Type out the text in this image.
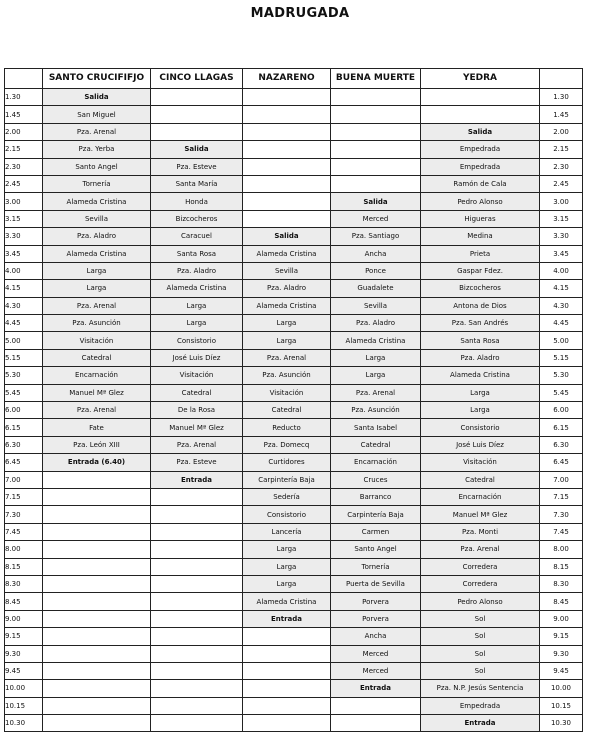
MADRUGADA
	SANTO CRUCIFIFJO	CINCO LLAGAS	NAZARENO	BUENA MUERTE	YEDRA	
1.30	Salida					1.30
1.45	San Miguel					1.45
2.00	Pza. Arenal				Salida	2.00
2.15	Pza. Yerba	Salida			Empedrada	2.15
2.30	Santo Angel	Pza. Esteve			Empedrada	2.30
2.45	Tornería	Santa María			Ramón de Cala	2.45
3.00	Alameda Cristina	Honda		Salida	Pedro Alonso	3.00
3.15	Sevilla	Bizcocheros		Merced	Higueras	3.15
3.30	Pza. Aladro	Caracuel	Salida	Pza. Santiago	Medina	3.30
3.45	Alameda Cristina	Santa Rosa	Alameda Cristina	Ancha	Prieta	3.45
4.00	Larga	Pza. Aladro	Sevilla	Ponce	Gaspar Fdez.	4.00
4.15	Larga	Alameda Cristina	Pza. Aladro	Guadalete	Bizcocheros	4.15
4.30	Pza. Arenal	Larga	Alameda Cristina	Sevilla	Antona de Dios	4.30
4.45	Pza. Asunción	Larga	Larga	Pza. Aladro	Pza. San Andrés	4.45
5.00	Visitación	Consistorio	Larga	Alameda Cristina	Santa Rosa	5.00
5.15	Catedral	José Luis Díez	Pza. Arenal	Larga	Pza. Aladro	5.15
5.30	Encarnación	Visitación	Pza. Asunción	Larga	Alameda Cristina	5.30
5.45	Manuel Mª Glez	Catedral	Visitación	Pza. Arenal	Larga	5.45
6.00	Pza. Arenal	De la Rosa	Catedral	Pza. Asunción	Larga	6.00
6.15	Fate	Manuel Mª Glez	Reducto	Santa Isabel	Consistorio	6.15
6.30	Pza. León XIII	Pza. Arenal	Pza. Domecq	Catedral	José Luis Díez	6.30
6.45	Entrada (6.40)	Pza. Esteve	Curtidores	Encarnación	Visitación	6.45
7.00		Entrada	Carpintería Baja	Cruces	Catedral	7.00
7.15			Sedería	Barranco	Encarnación	7.15
7.30			Consistorio	Carpintería Baja	Manuel Mª Glez	7.30
7.45			Lancería	Carmen	Pza. Monti	7.45
8.00			Larga	Santo Angel	Pza. Arenal	8.00
8.15			Larga	Tornería	Corredera	8.15
8.30			Larga	Puerta de Sevilla	Corredera	8.30
8.45			Alameda Cristina	Porvera	Pedro Alonso	8.45
9.00			Entrada	Porvera	Sol	9.00
9.15				Ancha	Sol	9.15
9.30				Merced	Sol	9.30
9.45				Merced	Sol	9.45
10.00				Entrada	Pza. N.P. Jesús Sentencia	10.00
10.15					Empedrada	10.15
10.30					Entrada	10.30
